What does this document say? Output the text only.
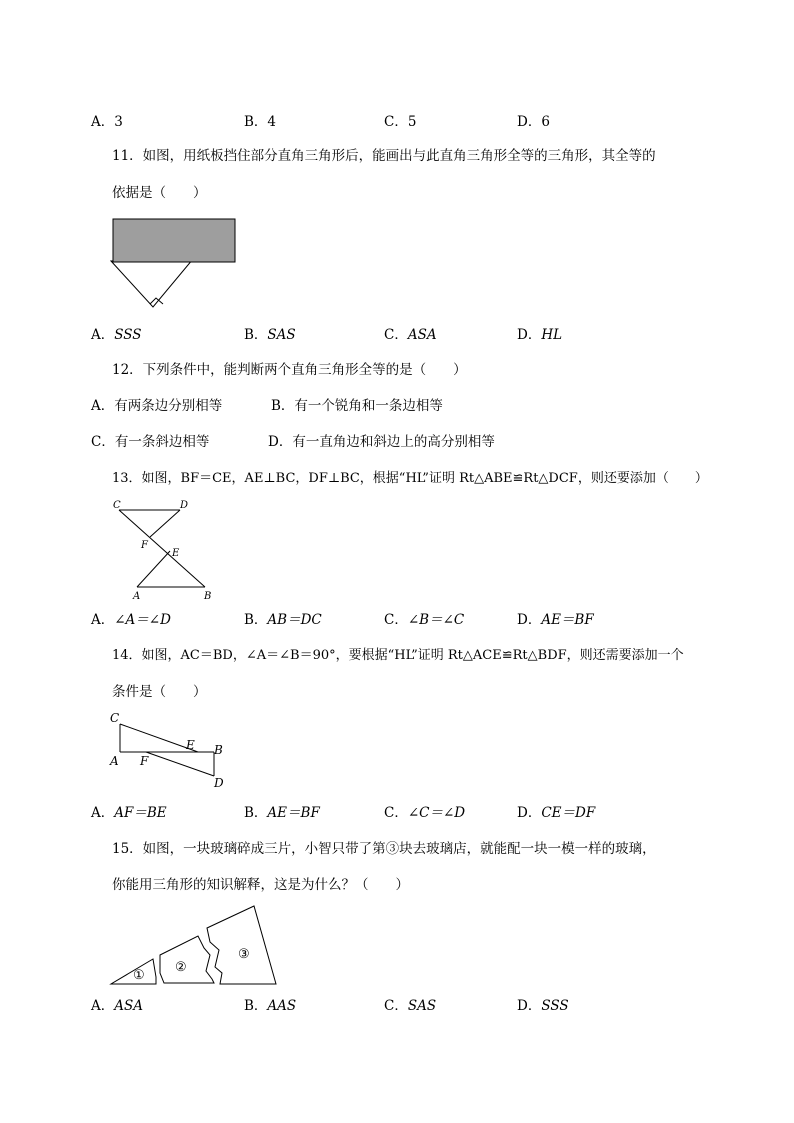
A．3	B．4	C．5	D．6
11．如图，用纸板挡住部分直角三角形后，能画出与此直角三角形全等的三角形，其全等的
依据是（　　）
A．SSS	B．SAS	C．ASA	D．HL
12．下列条件中，能判断两个直角三角形全等的是（　　）
A．有两条边分别相等	B．有一个锐角和一条边相等
C．有一条斜边相等	D．有一直角边和斜边上的高分别相等
13．如图，BF＝CE，AE⊥BC，DF⊥BC，根据“HL”证明 Rt△ABE≌Rt△DCF，则还要添加（　　）
C	D
F
E
A	B
A．∠A＝∠D	B．AB＝DC	C．∠B＝∠C	D．AE＝BF
14．如图，AC＝BD，∠A＝∠B＝90°，要根据“HL”证明 Rt△ACE≌Rt△BDF，则还需要添加一个
条件是（　　）
C
E B
A F
D
A．AF＝BE	B．AE＝BF	C．∠C＝∠D	D．CE＝DF
15．如图，一块玻璃碎成三片，小智只带了第③块去玻璃店，就能配一块一模一样的玻璃，
你能用三角形的知识解释，这是为什么？（　　）
①
②
③
A．ASA	B．AAS	C．SAS	D．SSS
